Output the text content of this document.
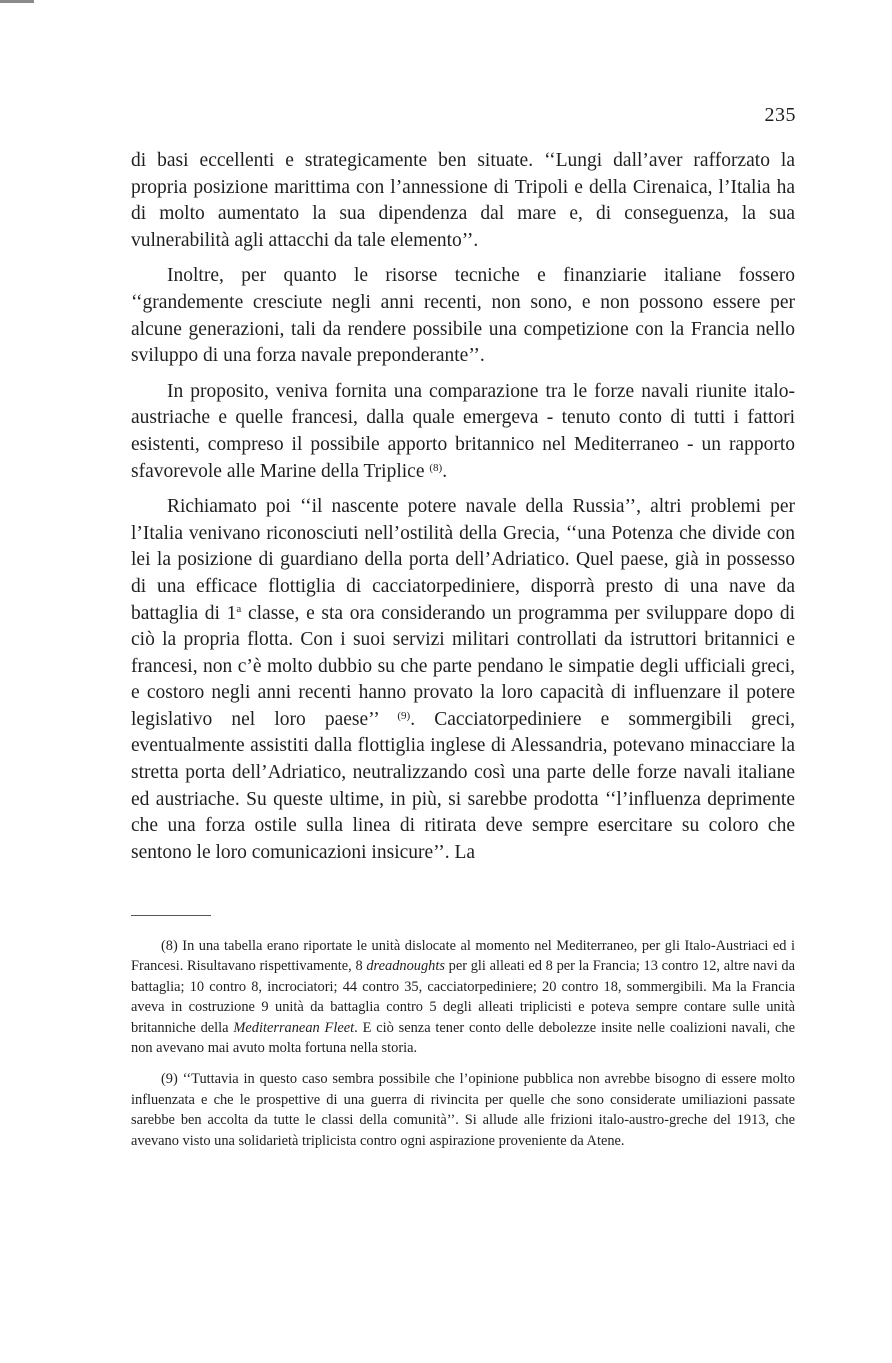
235

di basi eccellenti e strategicamente ben situate. ‘‘Lungi dall’aver rafforzato la propria posizione marittima con l’annessione di Tripoli e della Cirenaica, l’Italia ha di molto aumentato la sua dipendenza dal mare e, di conseguenza, la sua vulnerabilità agli attacchi da tale elemento’’.

Inoltre, per quanto le risorse tecniche e finanziarie italiane fossero ‘‘grandemente cresciute negli anni recenti, non sono, e non possono essere per alcune generazioni, tali da rendere possibile una competizione con la Francia nello sviluppo di una forza navale preponderante’’.

In proposito, veniva fornita una comparazione tra le forze navali riunite italo-austriache e quelle francesi, dalla quale emergeva - tenuto conto di tutti i fattori esistenti, compreso il possibile apporto britannico nel Mediterraneo - un rapporto sfavorevole alle Marine della Triplice $^{(8)}$.

Richiamato poi ‘‘il nascente potere navale della Russia’’, altri problemi per l’Italia venivano riconosciuti nell’ostilità della Grecia, ‘‘una Potenza che divide con lei la posizione di guardiano della porta dell’Adriatico. Quel paese, già in possesso di una efficace flottiglia di cacciatorpediniere, disporrà presto di una nave da battaglia di 1$^a$ classe, e sta ora considerando un programma per sviluppare dopo di ciò la propria flotta. Con i suoi servizi militari controllati da istruttori britannici e francesi, non c’è molto dubbio su che parte pendano le simpatie degli ufficiali greci, e costoro negli anni recenti hanno provato la loro capacità di influenzare il potere legislativo nel loro paese’’ $^{(9)}$. Cacciatorpediniere e sommergibili greci, eventualmente assistiti dalla flottiglia inglese di Alessandria, potevano minacciare la stretta porta dell’Adriatico, neutralizzando così una parte delle forze navali italiane ed austriache. Su queste ultime, in più, si sarebbe prodotta ‘‘l’influenza deprimente che una forza ostile sulla linea di ritirata deve sempre esercitare su coloro che sentono le loro comunicazioni insicure’’. La

(8) In una tabella erano riportate le unità dislocate al momento nel Mediterraneo, per gli Italo-Austriaci ed i Francesi. Risultavano rispettivamente, 8 dreadnoughts per gli alleati ed 8 per la Francia; 13 contro 12, altre navi da battaglia; 10 contro 8, incrociatori; 44 contro 35, cacciatorpediniere; 20 contro 18, sommergibili. Ma la Francia aveva in costruzione 9 unità da battaglia contro 5 degli alleati triplicisti e poteva sempre contare sulle unità britanniche della Mediterranean Fleet. E ciò senza tener conto delle debolezze insite nelle coalizioni navali, che non avevano mai avuto molta fortuna nella storia.

(9) ‘‘Tuttavia in questo caso sembra possibile che l’opinione pubblica non avrebbe bisogno di essere molto influenzata e che le prospettive di una guerra di rivincita per quelle che sono considerate umiliazioni passate sarebbe ben accolta da tutte le classi della comunità’’. Si allude alle frizioni italo-austro-greche del 1913, che avevano visto una solidarietà triplicista contro ogni aspirazione proveniente da Atene.
